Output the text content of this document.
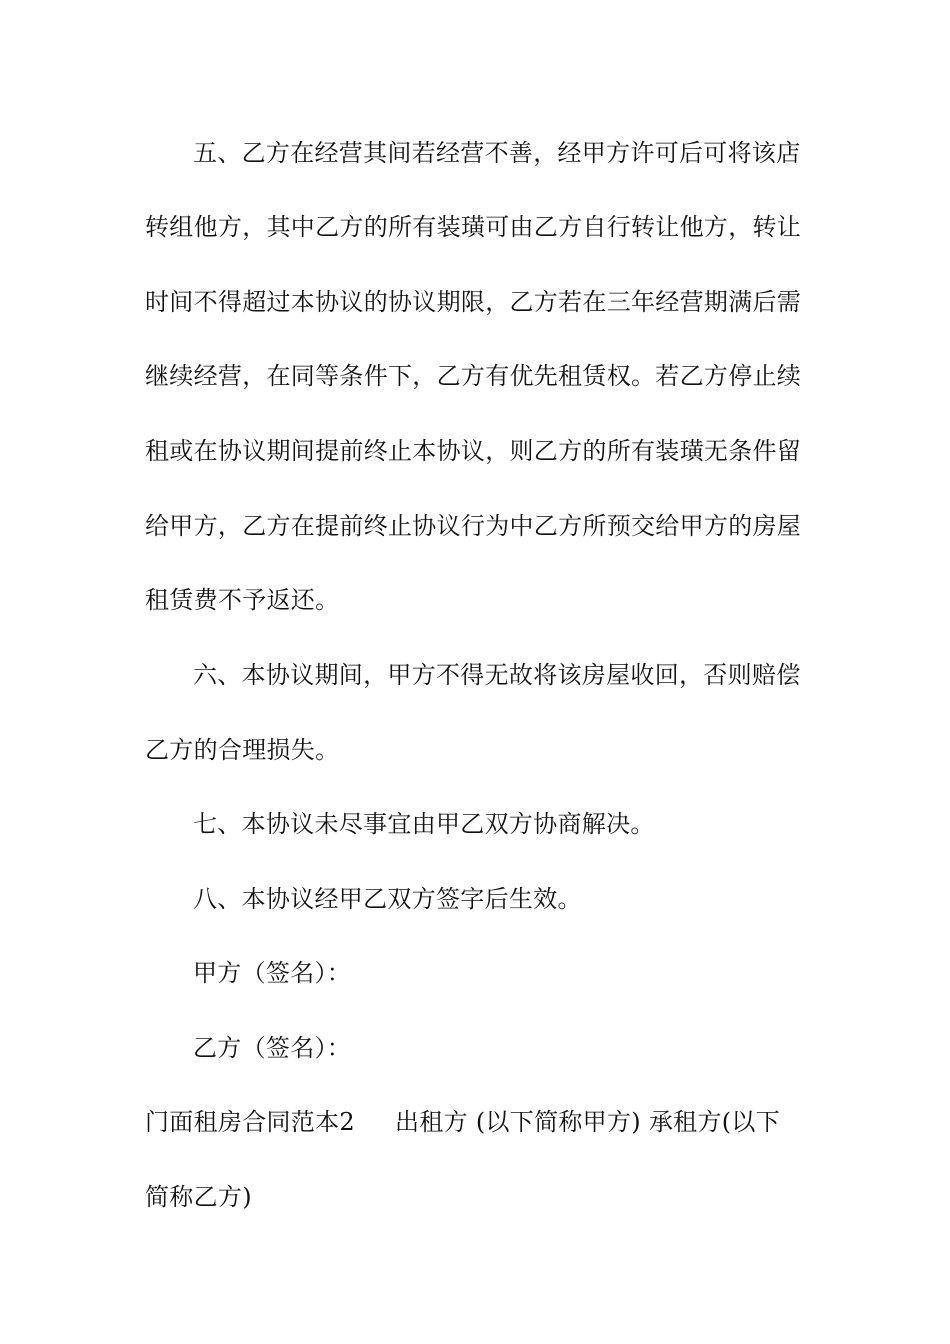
五、乙方在经营其间若经营不善，经甲方许可后可将该店
转组他方，其中乙方的所有装璜可由乙方自行转让他方，转让
时间不得超过本协议的协议期限，乙方若在三年经营期满后需
继续经营，在同等条件下，乙方有优先租赁权。若乙方停止续
租或在协议期间提前终止本协议，则乙方的所有装璜无条件留
给甲方，乙方在提前终止协议行为中乙方所预交给甲方的房屋
租赁费不予返还。
六、本协议期间，甲方不得无故将该房屋收回，否则赔偿
乙方的合理损失。
七、本协议未尽事宜由甲乙双方协商解决。
八、本协议经甲乙双方签字后生效。
甲方（签名）：
乙方（签名）：
门面租房合同范本2 出租方 (以下简称甲方) 承租方(以下
简称乙方)
